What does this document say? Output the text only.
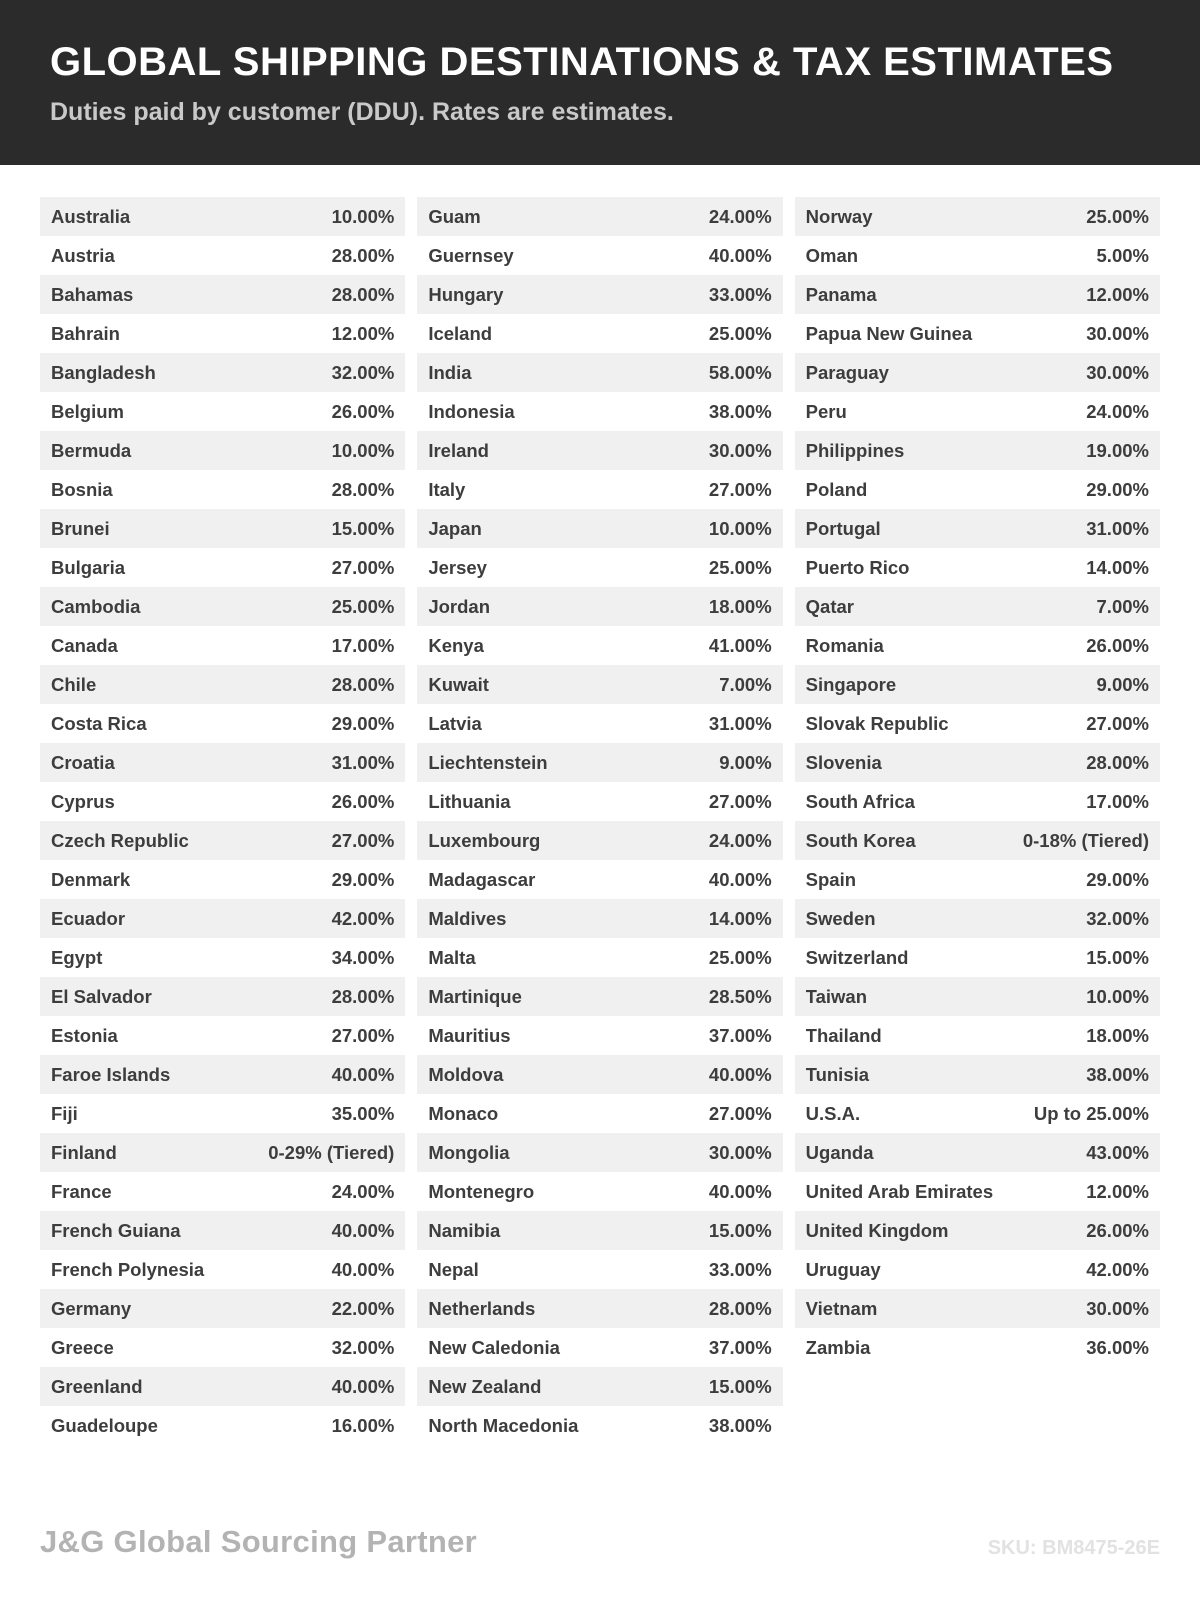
GLOBAL SHIPPING DESTINATIONS & TAX ESTIMATES

Duties paid by customer (DDU). Rates are estimates.

Australia	10.00%
Austria	28.00%
Bahamas	28.00%
Bahrain	12.00%
Bangladesh	32.00%
Belgium	26.00%
Bermuda	10.00%
Bosnia	28.00%
Brunei	15.00%
Bulgaria	27.00%
Cambodia	25.00%
Canada	17.00%
Chile	28.00%
Costa Rica	29.00%
Croatia	31.00%
Cyprus	26.00%
Czech Republic	27.00%
Denmark	29.00%
Ecuador	42.00%
Egypt	34.00%
El Salvador	28.00%
Estonia	27.00%
Faroe Islands	40.00%
Fiji	35.00%
Finland	0-29% (Tiered)
France	24.00%
French Guiana	40.00%
French Polynesia	40.00%
Germany	22.00%
Greece	32.00%
Greenland	40.00%
Guadeloupe	16.00%
Guam	24.00%
Guernsey	40.00%
Hungary	33.00%
Iceland	25.00%
India	58.00%
Indonesia	38.00%
Ireland	30.00%
Italy	27.00%
Japan	10.00%
Jersey	25.00%
Jordan	18.00%
Kenya	41.00%
Kuwait	7.00%
Latvia	31.00%
Liechtenstein	9.00%
Lithuania	27.00%
Luxembourg	24.00%
Madagascar	40.00%
Maldives	14.00%
Malta	25.00%
Martinique	28.50%
Mauritius	37.00%
Moldova	40.00%
Monaco	27.00%
Mongolia	30.00%
Montenegro	40.00%
Namibia	15.00%
Nepal	33.00%
Netherlands	28.00%
New Caledonia	37.00%
New Zealand	15.00%
North Macedonia	38.00%
Norway	25.00%
Oman	5.00%
Panama	12.00%
Papua New Guinea	30.00%
Paraguay	30.00%
Peru	24.00%
Philippines	19.00%
Poland	29.00%
Portugal	31.00%
Puerto Rico	14.00%
Qatar	7.00%
Romania	26.00%
Singapore	9.00%
Slovak Republic	27.00%
Slovenia	28.00%
South Africa	17.00%
South Korea	0-18% (Tiered)
Spain	29.00%
Sweden	32.00%
Switzerland	15.00%
Taiwan	10.00%
Thailand	18.00%
Tunisia	38.00%
U.S.A.	Up to 25.00%
Uganda	43.00%
United Arab Emirates	12.00%
United Kingdom	26.00%
Uruguay	42.00%
Vietnam	30.00%
Zambia	36.00%
J&G Global Sourcing Partner	SKU: BM8475-26E
